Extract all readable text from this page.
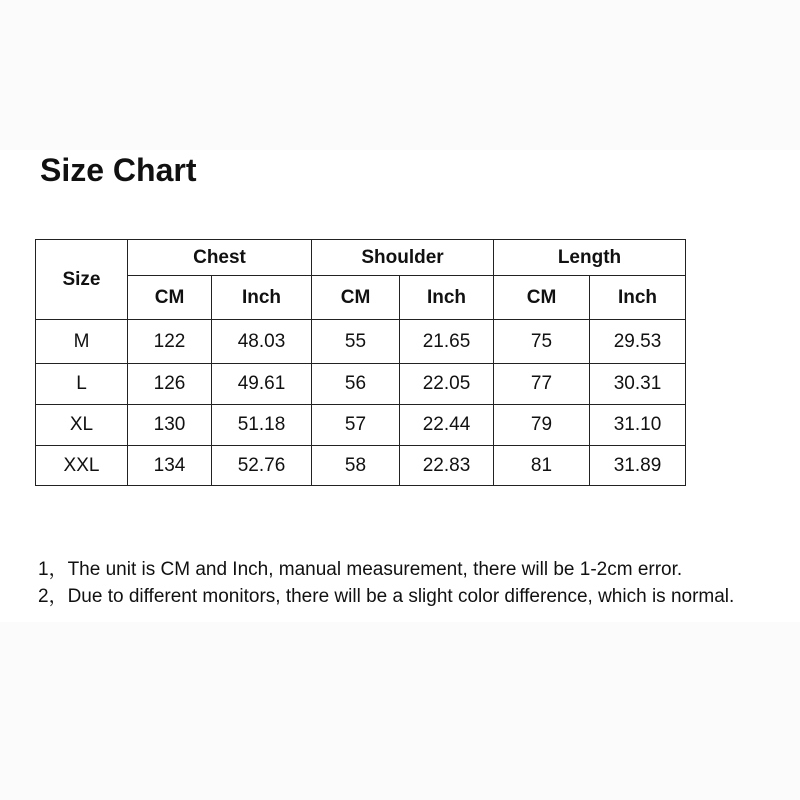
Size Chart
Size	Chest		Shoulder		Length	
	CM	Inch	CM	Inch	CM	Inch
M	122	48.03	55	21.65	75	29.53
L	126	49.61	56	22.05	77	30.31
XL	130	51.18	57	22.44	79	31.10
XXL	134	52.76	58	22.83	81	31.89
1，The unit is CM and Inch, manual measurement, there will be 1-2cm error.
2，Due to different monitors, there will be a slight color difference, which is normal.
